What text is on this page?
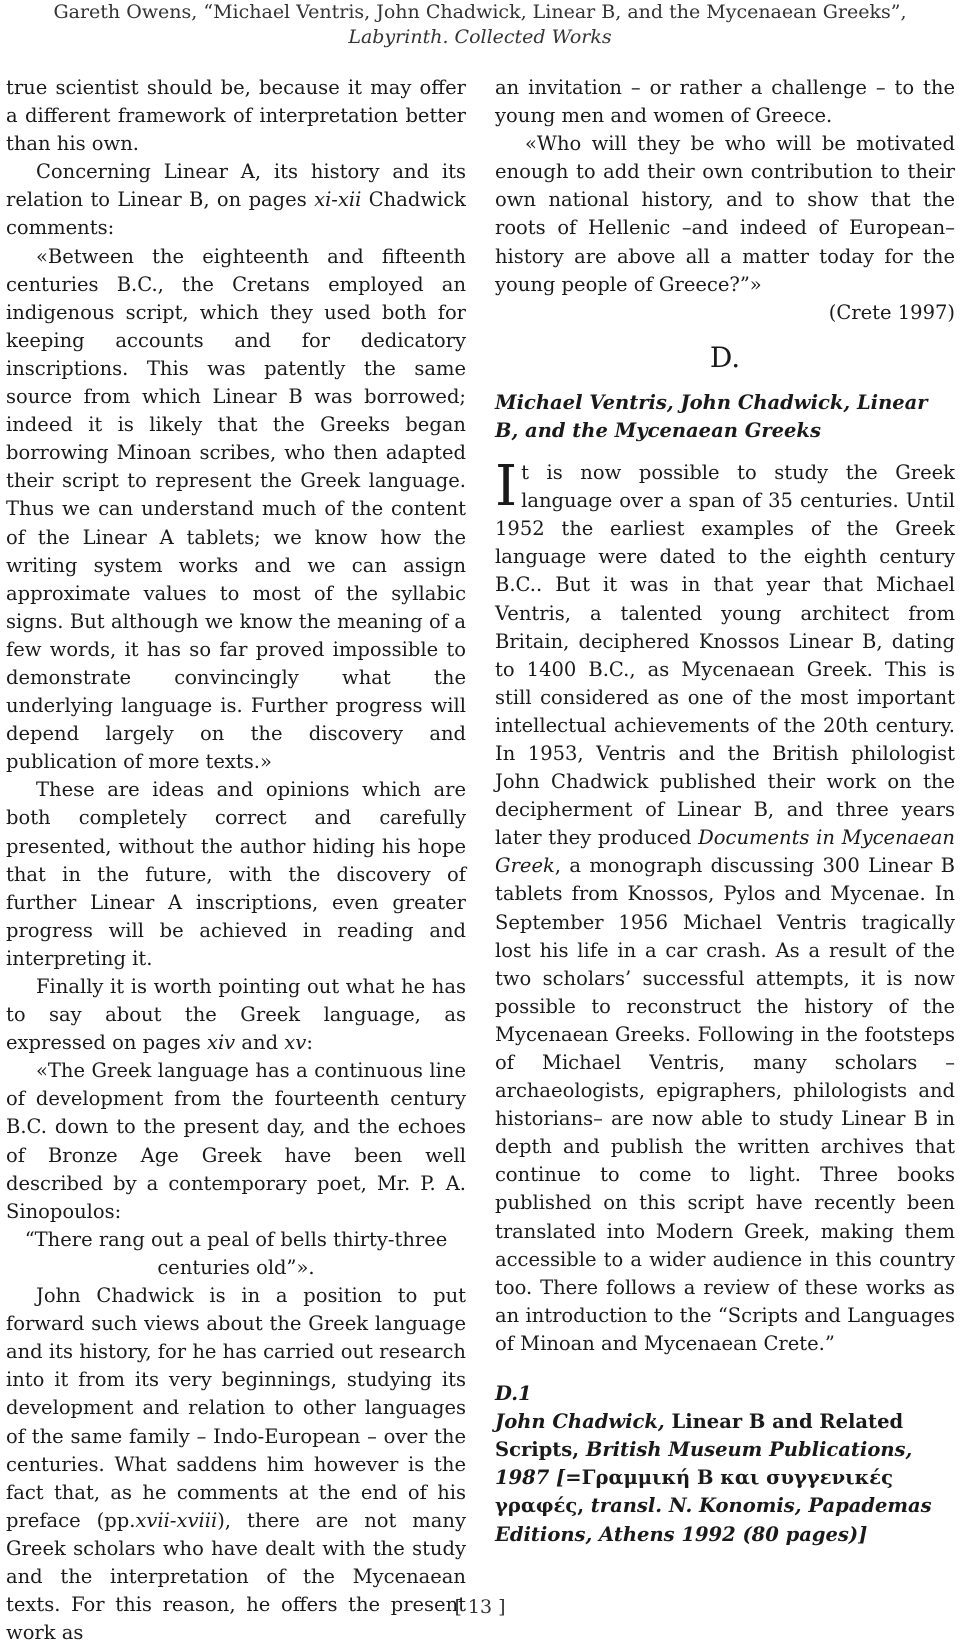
Gareth Owens, “Michael Ventris, John Chadwick, Linear B, and the Mycenaean Greeks”,
Labyrinth. Collected Works

true scientist should be, because it may offer a different framework of interpretation better than his own.

Concerning Linear A, its history and its relation to Linear B, on pages xi-xii Chadwick comments:

«Between the eighteenth and fifteenth centuries B.C., the Cretans employed an indigenous script, which they used both for keeping accounts and for dedicatory inscriptions. This was patently the same source from which Linear B was borrowed; indeed it is likely that the Greeks began borrowing Minoan scribes, who then adapted their script to represent the Greek language. Thus we can understand much of the content of the Linear A tablets; we know how the writing system works and we can assign approximate values to most of the syllabic signs. But although we know the meaning of a few words, it has so far proved impossible to demonstrate convincingly what the underlying language is. Further progress will depend largely on the discovery and publication of more texts.»

These are ideas and opinions which are both completely correct and carefully presented, without the author hiding his hope that in the future, with the discovery of further Linear A inscriptions, even greater progress will be achieved in reading and interpreting it.

Finally it is worth pointing out what he has to say about the Greek language, as expressed on pages xiv and xv:

«The Greek language has a continuous line of development from the fourteenth century B.C. down to the present day, and the echoes of Bronze Age Greek have been well described by a contemporary poet, Mr. P. A. Sinopoulos:

“There rang out a peal of bells thirty-three

centuries old”».

John Chadwick is in a position to put forward such views about the Greek language and its history, for he has carried out research into it from its very beginnings, studying its development and relation to other languages of the same family – Indo-European – over the centuries. What saddens him however is the fact that, as he comments at the end of his preface (pp.xvii-xviii), there are not many Greek scholars who have dealt with the study and the interpretation of the Mycenaean texts. For this reason, he offers the present work as

an invitation – or rather a challenge – to the young men and women of Greece.

«Who will they be who will be motivated enough to add their own contribution to their own national history, and to show that the roots of Hellenic –and indeed of European– history are above all a matter today for the young people of Greece?”»

(Crete 1997)

D.
Michael Ventris, John Chadwick, Linear B, and the Mycenaean Greeks

It is now possible to study the Greek language over a span of 35 centuries. Until 1952 the earliest examples of the Greek language were dated to the eighth century B.C.. But it was in that year that Michael Ventris, a talented young architect from Britain, deciphered Knossos Linear B, dating to 1400 B.C., as Mycenaean Greek. This is still considered as one of the most important intellectual achievements of the 20th century. In 1953, Ventris and the British philologist John Chadwick published their work on the decipherment of Linear B, and three years later they produced Documents in Mycenaean Greek, a monograph discussing 300 Linear B tablets from Knossos, Pylos and Mycenae. In September 1956 Michael Ventris tragically lost his life in a car crash. As a result of the two scholars’ successful attempts, it is now possible to reconstruct the history of the Mycenaean Greeks. Following in the footsteps of Michael Ventris, many scholars –archaeologists, epigraphers, philologists and historians– are now able to study Linear B in depth and publish the written archives that continue to come to light. Three books published on this script have recently been translated into Modern Greek, making them accessible to a wider audience in this country too. There follows a review of these works as an introduction to the “Scripts and Languages of Minoan and Mycenaean Crete.”

D.1
John Chadwick, Linear B and Related Scripts, British Museum Publications, 1987 [=Γραμμική Β και συγγενικές γραφές, transl. N. Konomis, Papademas Editions, Athens 1992 (80 pages)]
[ 13 ]
